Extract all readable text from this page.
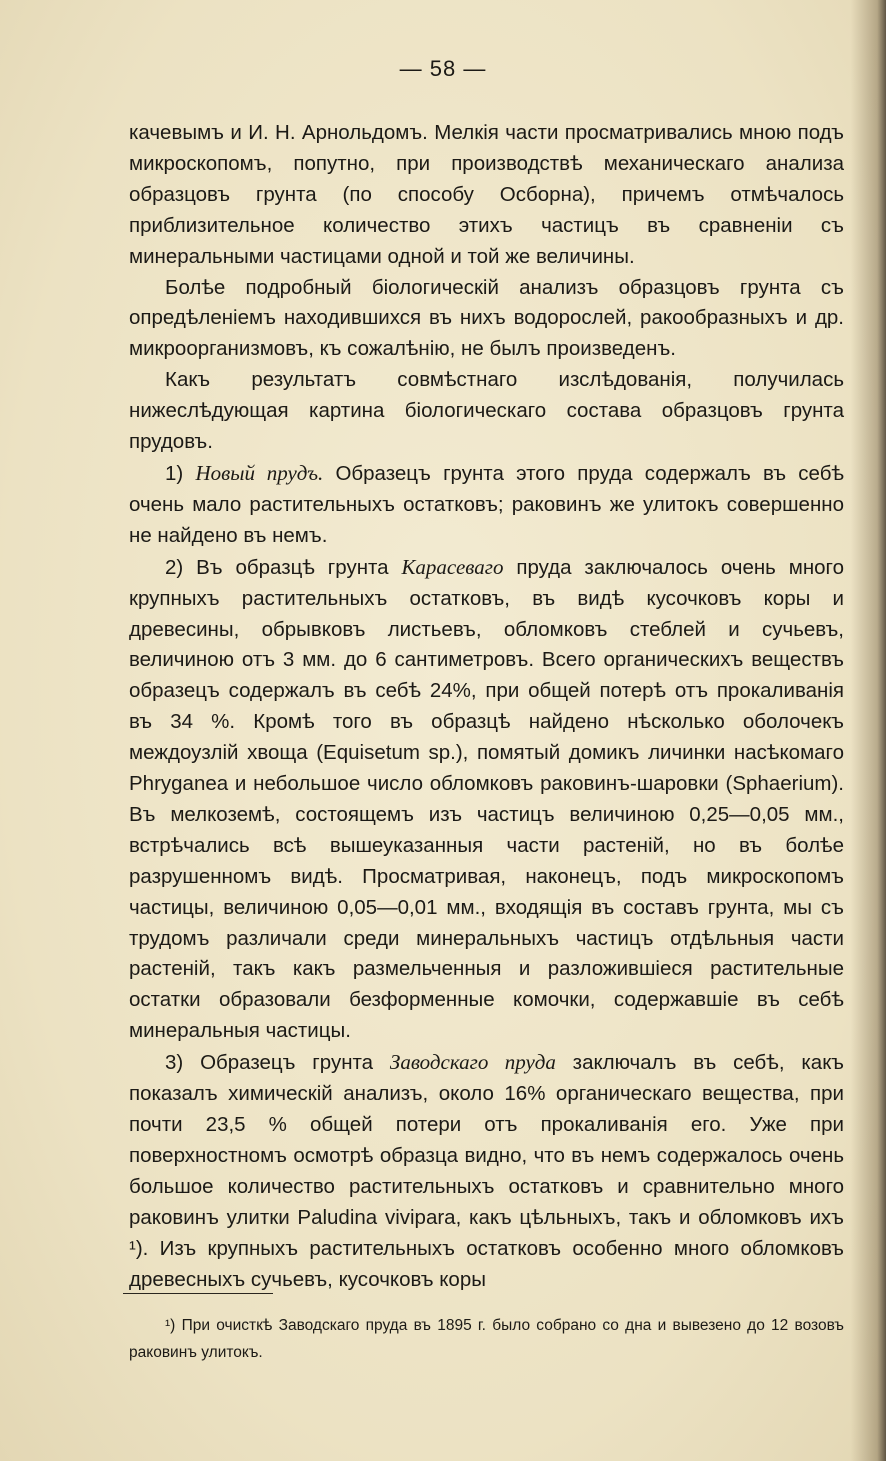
— 58 —

качевымъ и И. Н. Арнольдомъ. Мелкія части просматривались мною подъ микроскопомъ, попутно, при производствѣ механическаго анализа образцовъ грунта (по способу Осборна), причемъ отмѣчалось приблизительное количество этихъ частицъ въ сравненіи съ минеральными частицами одной и той же величины.

Болѣе подробный біологическій анализъ образцовъ грунта съ опредѣленіемъ находившихся въ нихъ водорослей, ракообразныхъ и др. микроорганизмовъ, къ сожалѣнію, не былъ произведенъ.

Какъ результатъ совмѣстнаго изслѣдованія, получилась нижеслѣдующая картина біологическаго состава образцовъ грунта прудовъ.

1) Новый прудъ. Образецъ грунта этого пруда содержалъ въ себѣ очень мало растительныхъ остатковъ; раковинъ же улитокъ совершенно не найдено въ немъ.

2) Въ образцѣ грунта Карасеваго пруда заключалось очень много крупныхъ растительныхъ остатковъ, въ видѣ кусочковъ коры и древесины, обрывковъ листьевъ, обломковъ стеблей и сучьевъ, величиною отъ 3 мм. до 6 сантиметровъ. Всего органическихъ веществъ образецъ содержалъ въ себѣ 24%, при общей потерѣ отъ прокаливанія въ 34 %. Кромѣ того въ образцѣ найдено нѣсколько оболочекъ междоузлій хвоща (Equisetum sp.), помятый домикъ личинки насѣкомаго Phryganea и небольшое число обломковъ раковинъ-шаровки (Sphaerium). Въ мелкоземѣ, состоящемъ изъ частицъ величиною 0,25—0,05 мм., встрѣчались всѣ вышеуказанныя части растеній, но въ болѣе разрушенномъ видѣ. Просматривая, наконецъ, подъ микроскопомъ частицы, величиною 0,05—0,01 мм., входящія въ составъ грунта, мы съ трудомъ различали среди минеральныхъ частицъ отдѣльныя части растеній, такъ какъ размельченныя и разложившіеся растительные остатки образовали безформенные комочки, содержавшіе въ себѣ минеральныя частицы.

3) Образецъ грунта Заводскаго пруда заключалъ въ себѣ, какъ показалъ химическій анализъ, около 16% органическаго вещества, при почти 23,5 % общей потери отъ прокаливанія его. Уже при поверхностномъ осмотрѣ образца видно, что въ немъ содержалось очень большое количество растительныхъ остатковъ и сравнительно много раковинъ улитки Paludina vivipara, какъ цѣльныхъ, такъ и обломковъ ихъ ¹). Изъ крупныхъ растительныхъ остатковъ особенно много обломковъ древесныхъ сучьевъ, кусочковъ коры

¹) При очисткѣ Заводскаго пруда въ 1895 г. было собрано со дна и вывезено до 12 возовъ раковинъ улитокъ.
